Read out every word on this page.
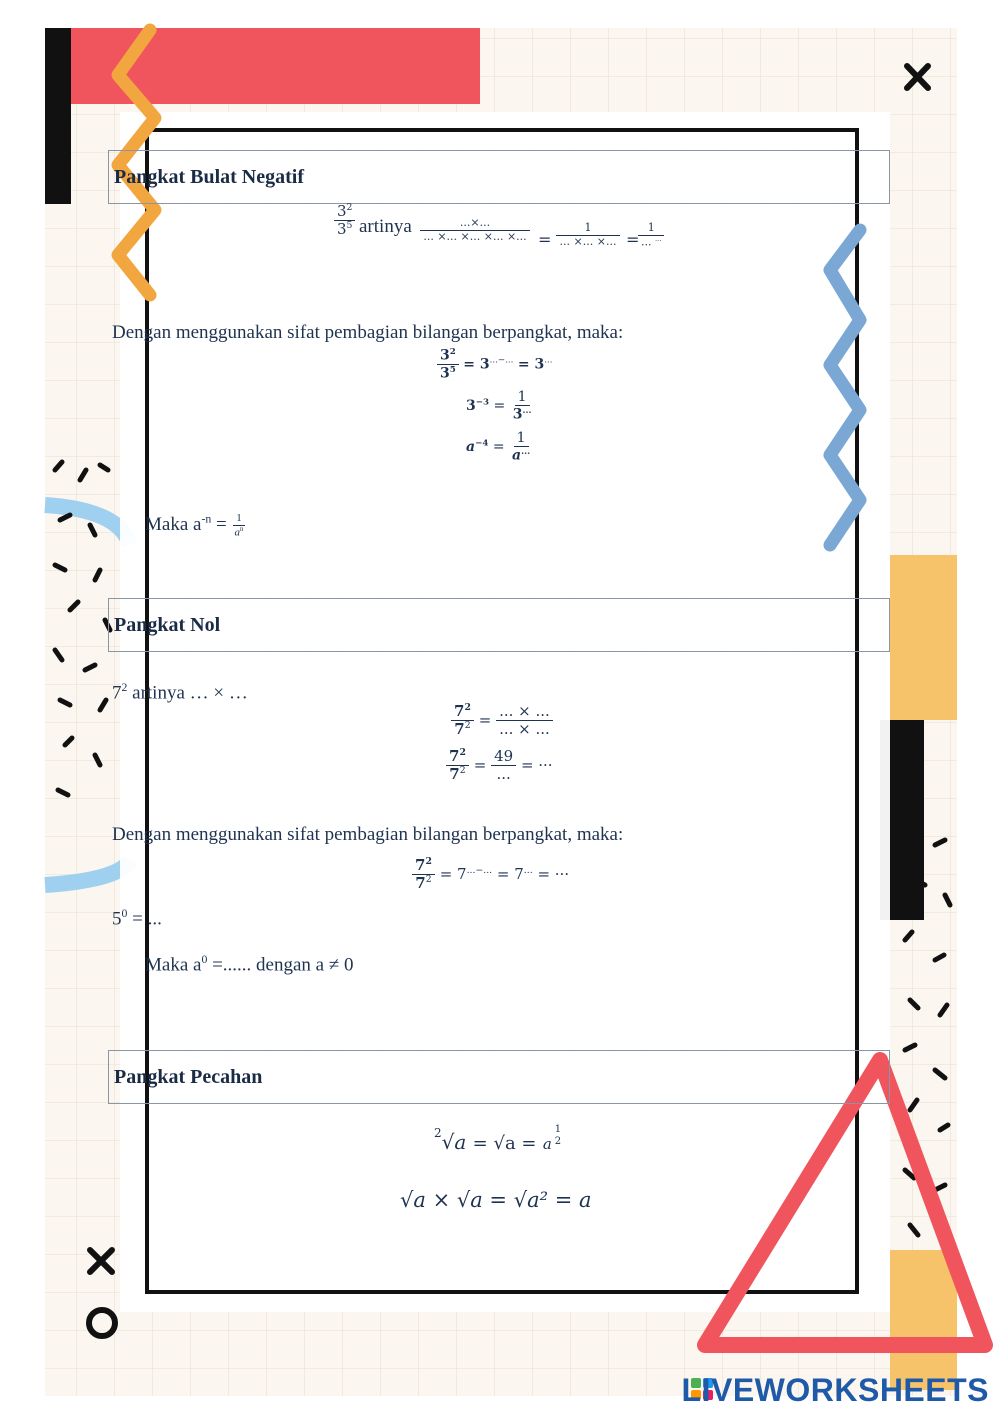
Pangkat Bulat Negatif
$\frac{3^2}{3^5}$ artinya $\frac{...\times...}{... \times... \times... \times... \times...} = \frac{1}{... \times... \times...}$ =
$\frac{1}{... ^{...}}$
Dengan menggunakan sifat pembagian bilangan berpangkat, maka:
$\frac{3^2}{3^5} = 3^{...-...} = 3^{...}$
$3^{-3} = \frac{1}{3^{...}}$
$a^{-4} = \frac{1}{a^{...}}$
Maka $a^{-n} = \frac{1}{a^n}$
Pangkat Nol
$7^2$ artinya … × …
$\frac{7^2}{7^2} = \frac{... \times ...}{... \times ...}$
$\frac{7^2}{7^2} = \frac{49}{...}$ = ···
Dengan menggunakan sifat pembagian bilangan berpangkat, maka:
$\frac{7^2}{7^2} = 7^{...-...} = 7^{...}$ = ···
$5^0$ = ...
Maka $a^0$ =...... dengan a ≠ 0
Pangkat Pecahan
$^2$√a = √a = a
1
2
√a × √a = √a² = a
LIVEWORKSHEETS
